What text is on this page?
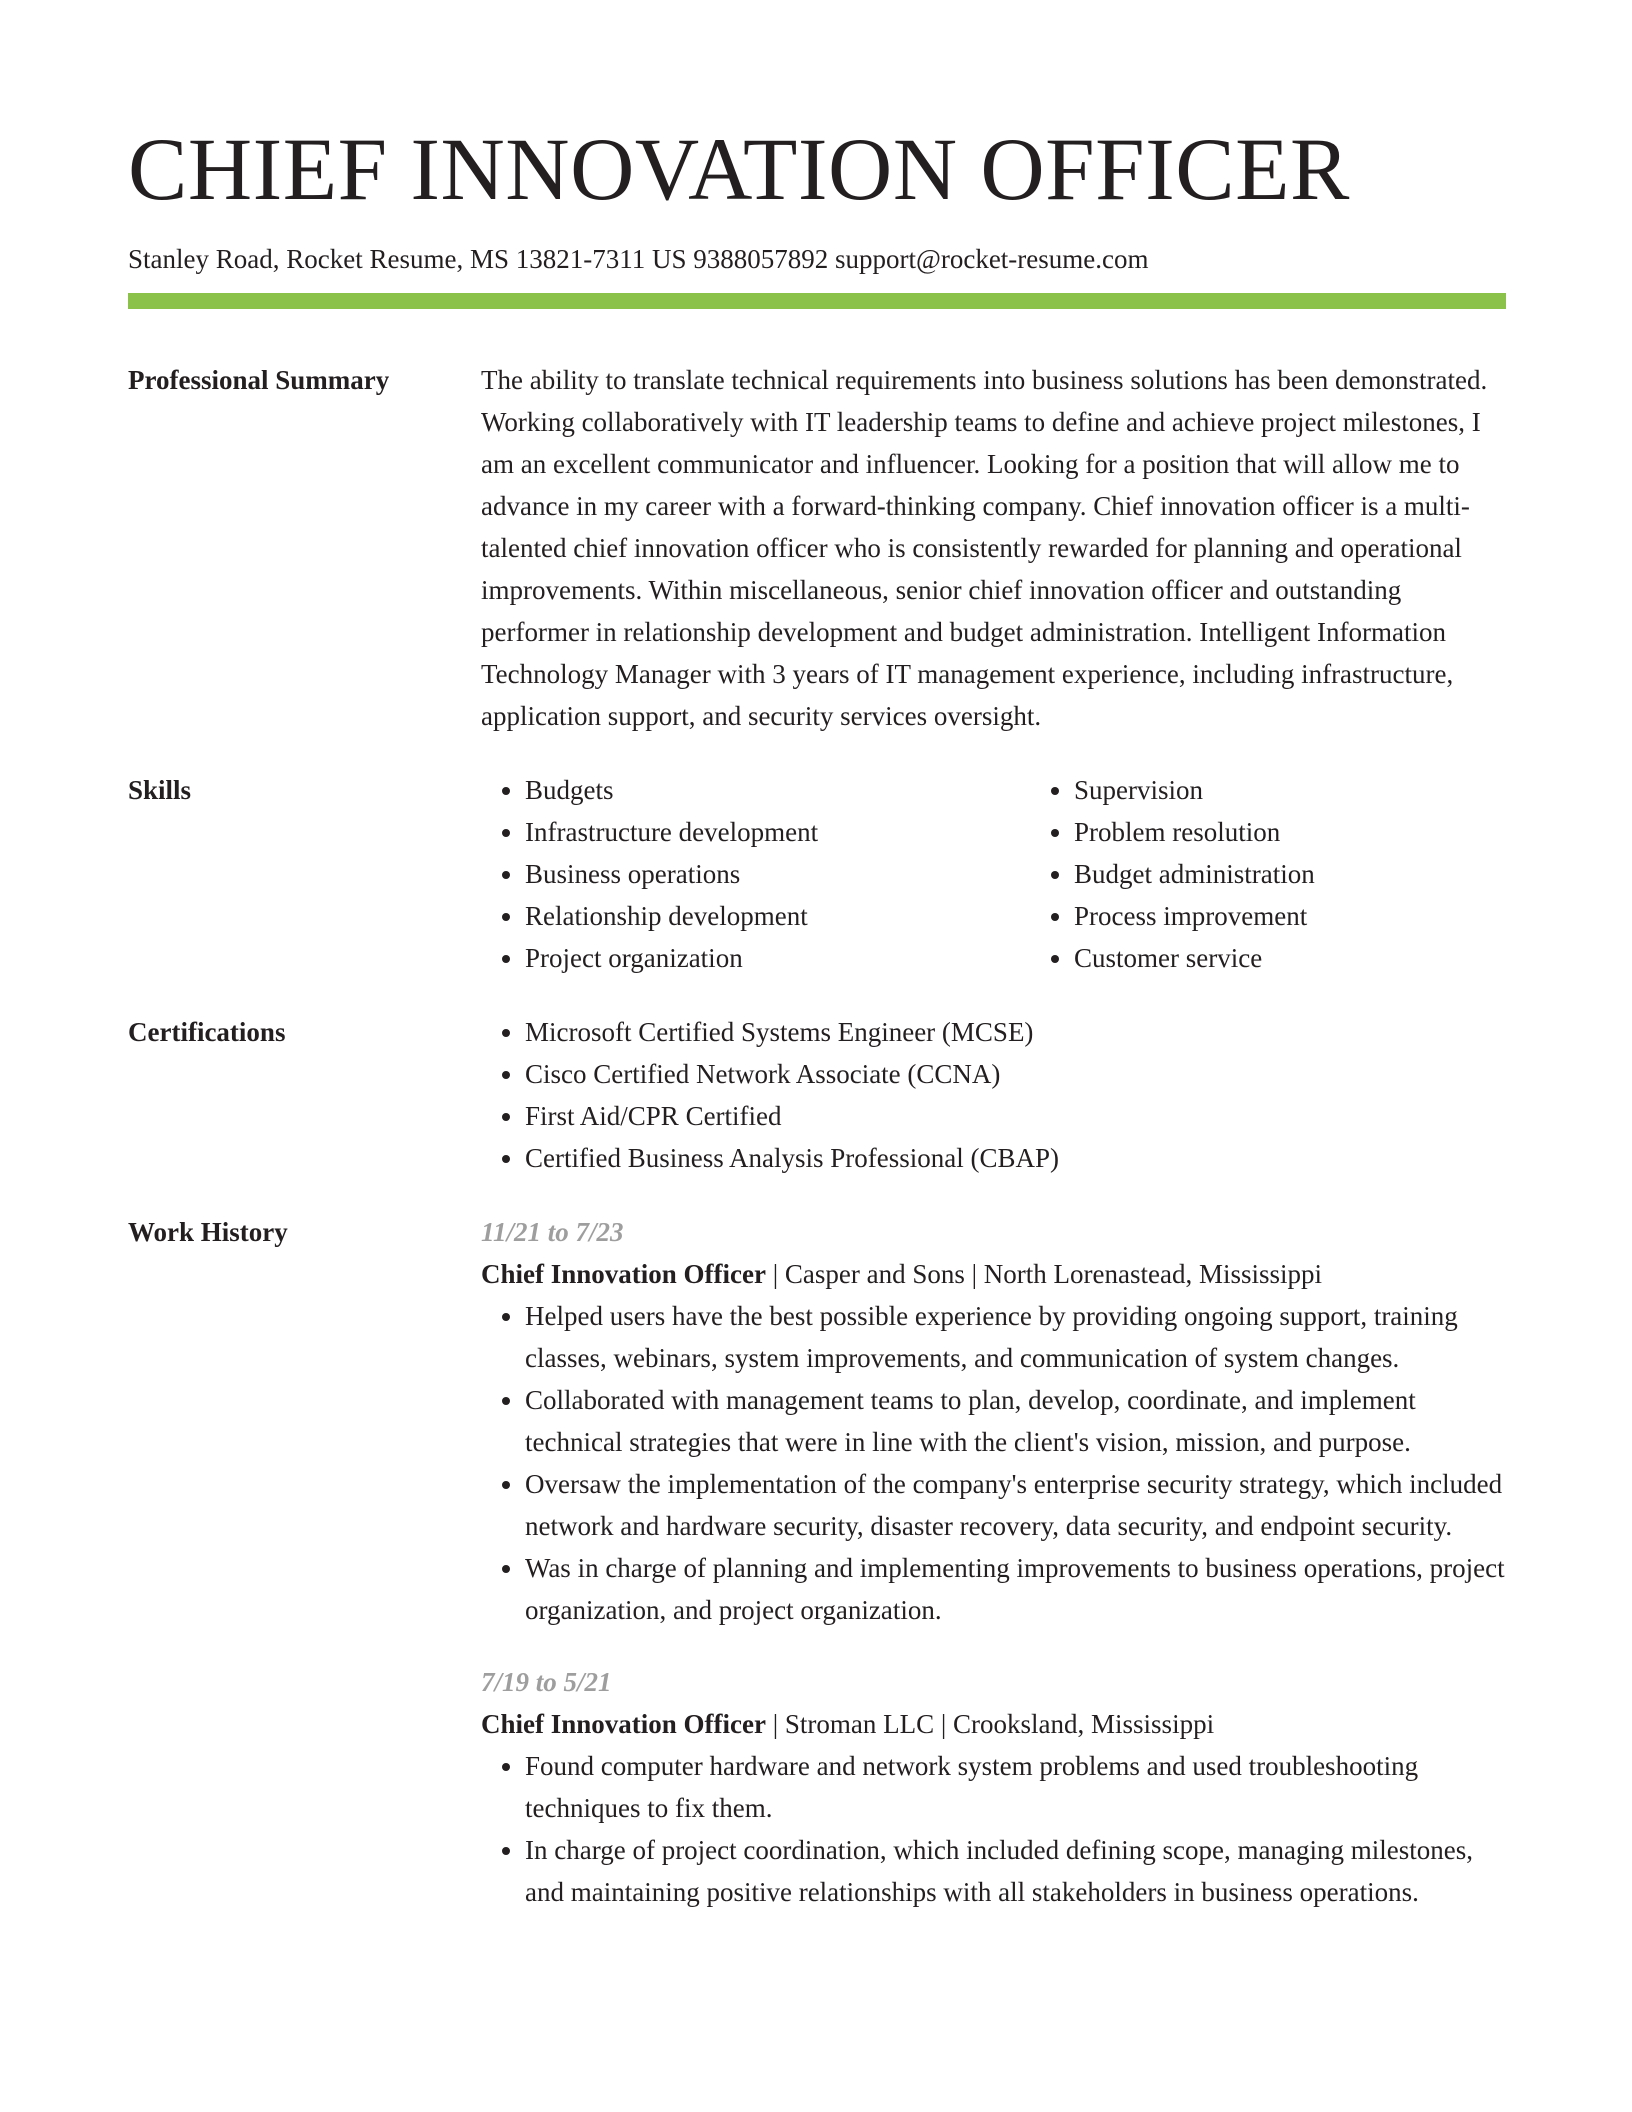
CHIEF INNOVATION OFFICER
Stanley Road, Rocket Resume, MS 13821-7311 US 9388057892 support@rocket-resume.com
Professional Summary	The ability to translate technical requirements into business solutions has been demonstrated. Working collaboratively with IT leadership teams to define and achieve project milestones, I am an excellent communicator and influencer. Looking for a position that will allow me to advance in my career with a forward-thinking company. Chief innovation officer is a multi-talented chief innovation officer who is consistently rewarded for planning and operational improvements. Within miscellaneous, senior chief innovation officer and outstanding performer in relationship development and budget administration. Intelligent Information Technology Manager with 3 years of IT management experience, including infrastructure, application support, and security services oversight.
Skills	• Budgets
• Infrastructure development
• Business operations
• Relationship development
• Project organization
• Supervision
• Problem resolution
• Budget administration
• Process improvement
• Customer service
Certifications	• Microsoft Certified Systems Engineer (MCSE)
• Cisco Certified Network Associate (CCNA)
• First Aid/CPR Certified
• Certified Business Analysis Professional (CBAP)
Work History	11/21 to 7/23
Chief Innovation Officer | Casper and Sons | North Lorenastead, Mississippi
• Helped users have the best possible experience by providing ongoing support, training classes, webinars, system improvements, and communication of system changes.
• Collaborated with management teams to plan, develop, coordinate, and implement technical strategies that were in line with the client's vision, mission, and purpose.
• Oversaw the implementation of the company's enterprise security strategy, which included network and hardware security, disaster recovery, data security, and endpoint security.
• Was in charge of planning and implementing improvements to business operations, project organization, and project organization.
7/19 to 5/21
Chief Innovation Officer | Stroman LLC | Crooksland, Mississippi
• Found computer hardware and network system problems and used troubleshooting techniques to fix them.
• In charge of project coordination, which included defining scope, managing milestones, and maintaining positive relationships with all stakeholders in business operations.
